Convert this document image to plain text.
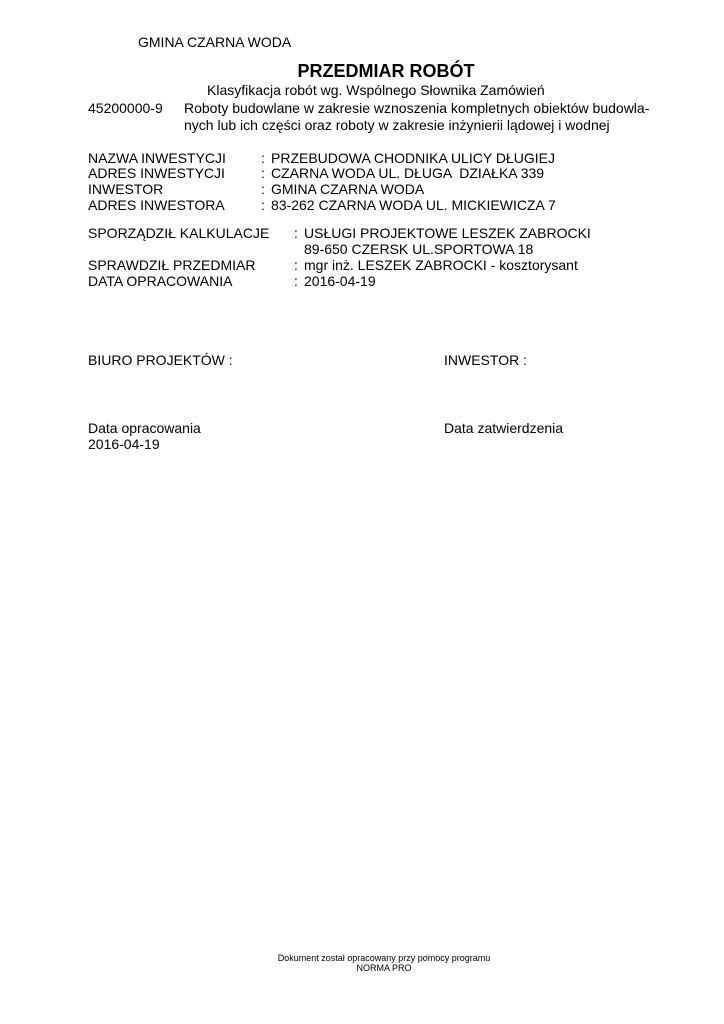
GMINA CZARNA WODA
PRZEDMIAR ROBÓT
Klasyfikacja robót wg. Wspólnego Słownika Zamówień
45200000-9 Roboty budowlane w zakresie wznoszenia kompletnych obiektów budowla-
nych lub ich części oraz roboty w zakresie inżynierii lądowej i wodnej
NAZWA INWESTYCJI	: PRZEBUDOWA CHODNIKA ULICY DŁUGIEJ
ADRES INWESTYCJI	: CZARNA WODA UL. DŁUGA  DZIAŁKA 339
INWESTOR	: GMINA CZARNA WODA
ADRES INWESTORA	: 83-262 CZARNA WODA UL. MICKIEWICZA 7
SPORZĄDZIŁ KALKULACJE : USŁUGI PROJEKTOWE LESZEK ZABROCKI
89-650 CZERSK UL.SPORTOWA 18
SPRAWDZIŁ PRZEDMIAR	: mgr inż. LESZEK ZABROCKI - kosztorysant
DATA OPRACOWANIA	: 2016-04-19
BIURO PROJEKTÓW :	INWESTOR :
Data opracowania
2016-04-19
Data zatwierdzenia
Dokument został opracowany przy pomocy programu
NORMA PRO
